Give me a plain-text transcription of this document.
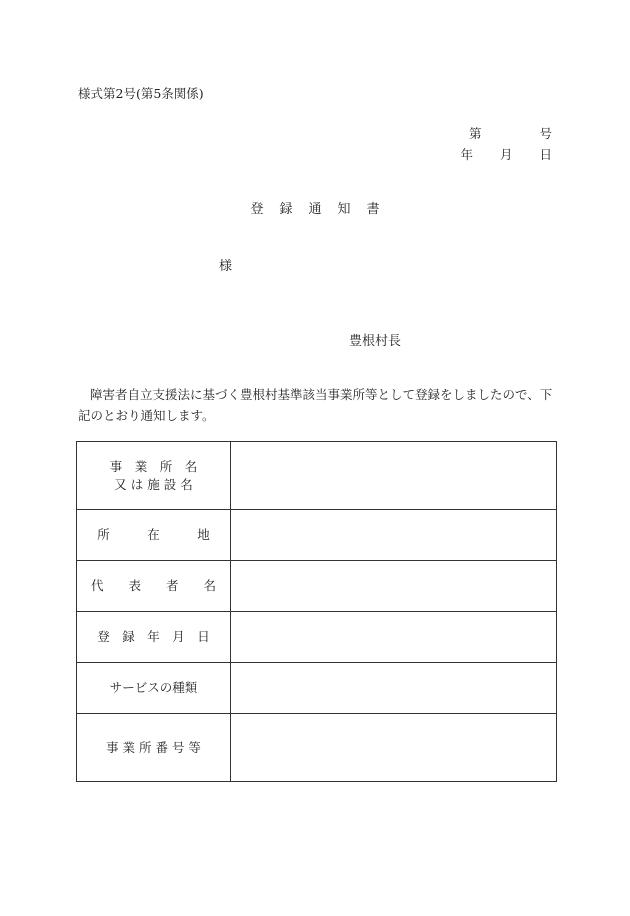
様式第2号(第5条関係)
第	号
年 月 日
登録通知書
様
豊根村長
障害者自立支援法に基づく豊根村基準該当事業所等として登録をしましたので、下記のとおり通知します。
事　業　所　名
又 は 施 設 名	

所　　　在　　　地	

代　　表　　者　　名	

登　録　年　月　日	

サービスの種類	

事 業 所 番 号 等	
